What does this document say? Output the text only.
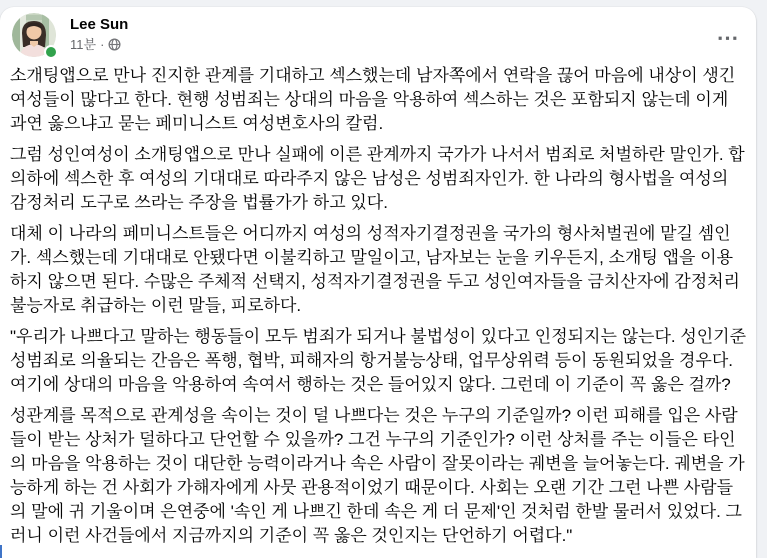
Lee Sun
11분 ·	⋯

소개팅앱으로 만나 진지한 관계를 기대하고 섹스했는데 남자쪽에서 연락을 끊어 마음에 내상이 생긴 여성들이 많다고 한다. 현행 성범죄는 상대의 마음을 악용하여 섹스하는 것은 포함되지 않는데 이게 과연 옳으냐고 묻는 페미니스트 여성변호사의 칼럼.

그럼 성인여성이 소개팅앱으로 만나 실패에 이른 관계까지 국가가 나서서 범죄로 처벌하란 말인가. 합의하에 섹스한 후 여성의 기대대로 따라주지 않은 남성은 성범죄자인가. 한 나라의 형사법을 여성의 감정처리 도구로 쓰라는 주장을 법률가가 하고 있다.

대체 이 나라의 페미니스트들은 어디까지 여성의 성적자기결정권을 국가의 형사처벌권에 맡길 셈인가. 섹스했는데 기대대로 안됐다면 이불킥하고 말일이고, 남자보는 눈을 키우든지, 소개팅 앱을 이용하지 않으면 된다. 수많은 주체적 선택지, 성적자기결정권을 두고 성인여자들을 금치산자에 감정처리 불능자로 취급하는 이런 말들, 피로하다.

"우리가 나쁘다고 말하는 행동들이 모두 범죄가 되거나 불법성이 있다고 인정되지는 않는다. 성인기준 성범죄로 의율되는 간음은 폭행, 협박, 피해자의 항거불능상태, 업무상위력 등이 동원되었을 경우다. 여기에 상대의 마음을 악용하여 속여서 행하는 것은 들어있지 않다. 그런데 이 기준이 꼭 옳은 걸까?

성관계를 목적으로 관계성을 속이는 것이 덜 나쁘다는 것은 누구의 기준일까? 이런 피해를 입은 사람들이 받는 상처가 덜하다고 단언할 수 있을까? 그건 누구의 기준인가? 이런 상처를 주는 이들은 타인의 마음을 악용하는 것이 대단한 능력이라거나 속은 사람이 잘못이라는 궤변을 늘어놓는다. 궤변을 가능하게 하는 건 사회가 가해자에게 사뭇 관용적이었기 때문이다. 사회는 오랜 기간 그런 나쁜 사람들의 말에 귀 기울이며 은연중에 '속인 게 나쁘긴 한데 속은 게 더 문제'인 것처럼 한발 물러서 있었다. 그러니 이런 사건들에서 지금까지의 기준이 꼭 옳은 것인지는 단언하기 어렵다."
